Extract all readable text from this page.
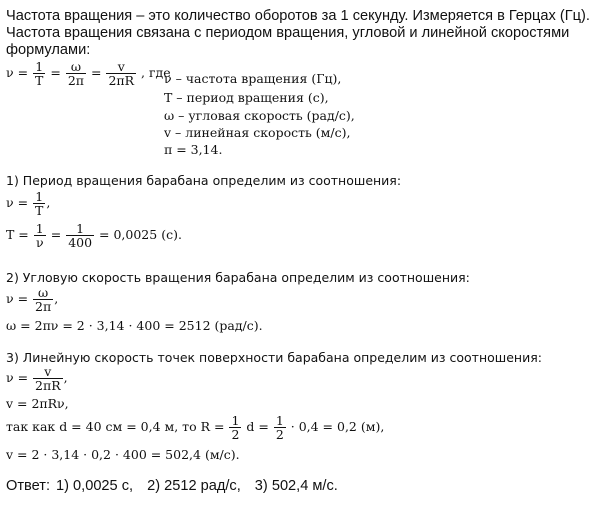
Частота вращения – это количество оборотов за 1 секунду. Измеряется в Герцах (Гц).
Частота вращения связана с периодом вращения, угловой и линейной скоростями формулами:
$\nu = \frac{1}{T} = \frac{\omega}{2\pi} = \frac{v}{2\pi R}$ , где
ν – частота вращения (Гц),
T – период вращения (с),
ω – угловая скорость (рад/с),
v – линейная скорость (м/с),
π = 3,14.
1) Период вращения барабана определим из соотношения:
$\nu = \frac{1}{T}$ ,
$T = \frac{1}{\nu} = \frac{1}{400} = 0,0025$ (с).
2) Угловую скорость вращения барабана определим из соотношения:
$\nu = \frac{\omega}{2\pi}$ ,
ω = 2πν = 2 · 3,14 · 400 = 2512 (рад/с).
3) Линейную скорость точек поверхности барабана определим из соотношения:
$\nu = \frac{v}{2\pi R}$ ,
v = 2πRν,
так как d = 40 см = 0,4 м, то $R = \frac{1}{2}$ $d = \frac{1}{2} \cdot 0,4 = 0,2$ (м),
v = 2 · 3,14 · 0,2 · 400 = 502,4 (м/с).
Ответ: 1) 0,0025 с, 2) 2512 рад/с, 3) 502,4 м/с.
